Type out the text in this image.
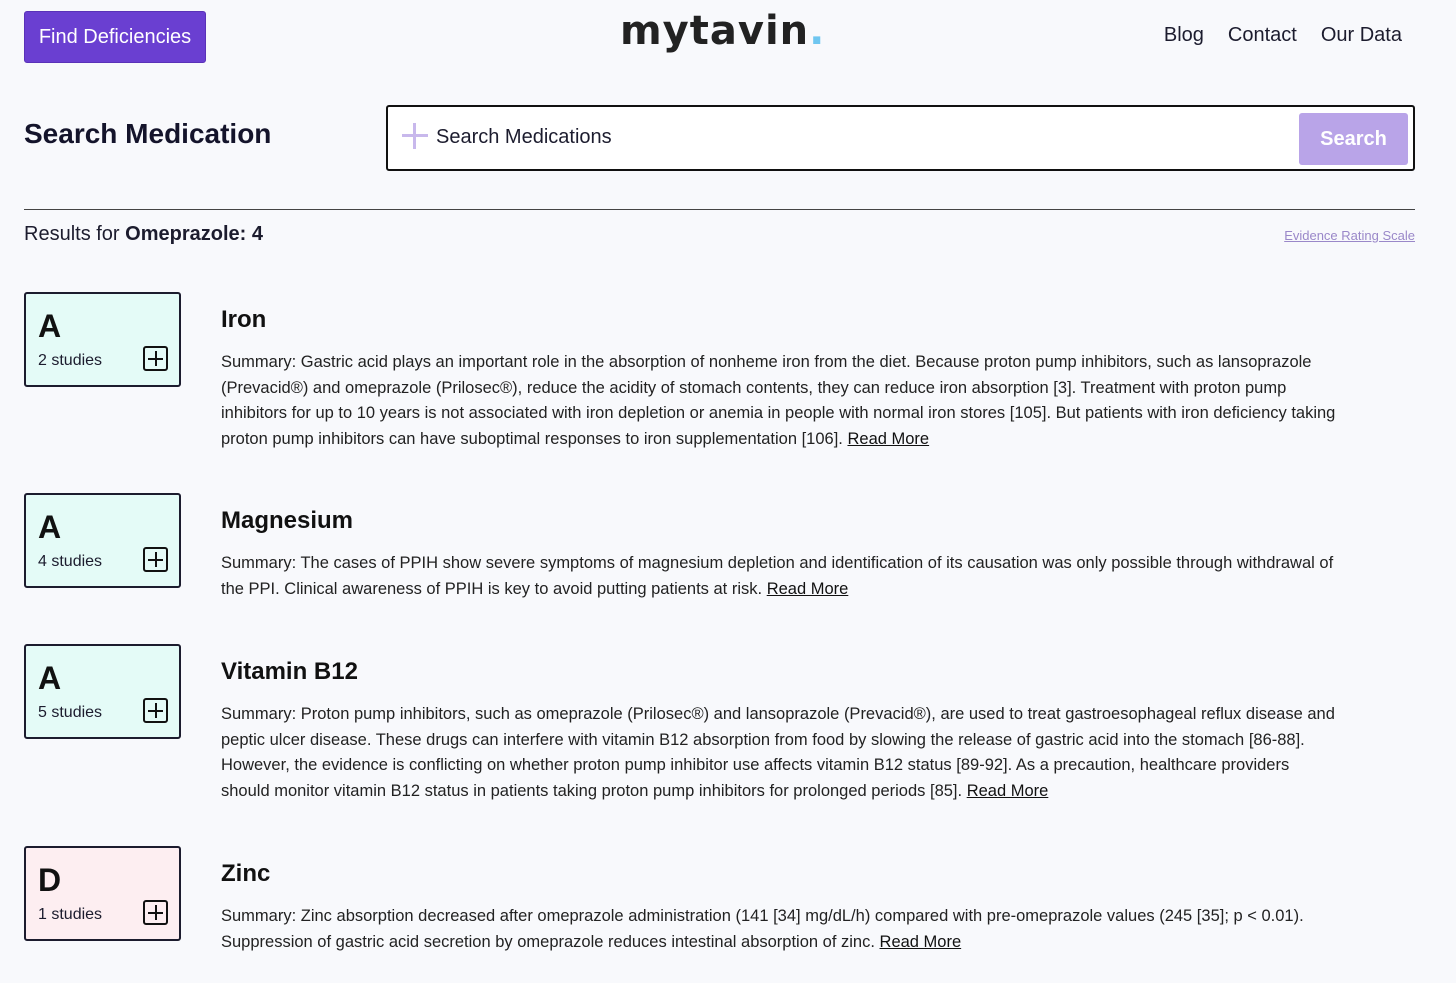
Find Deficiencies	mytavin .	Blog Contact Our Data
Search Medication
Search Medications	Search
Results for Omeprazole: 4	Evidence Rating Scale
A
2 studies
Iron

Summary: Gastric acid plays an important role in the absorption of nonheme iron from the diet. Because proton pump inhibitors, such as lansoprazole (Prevacid®) and omeprazole (Prilosec®), reduce the acidity of stomach contents, they can reduce iron absorption [3]. Treatment with proton pump inhibitors for up to 10 years is not associated with iron depletion or anemia in people with normal iron stores [105]. But patients with iron deficiency taking proton pump inhibitors can have suboptimal responses to iron supplementation [106]. Read More

A
4 studies
Magnesium

Summary: The cases of PPIH show severe symptoms of magnesium depletion and identification of its causation was only possible through withdrawal of the PPI. Clinical awareness of PPIH is key to avoid putting patients at risk. Read More

A
5 studies
Vitamin B12

Summary: Proton pump inhibitors, such as omeprazole (Prilosec®) and lansoprazole (Prevacid®), are used to treat gastroesophageal reflux disease and peptic ulcer disease. These drugs can interfere with vitamin B12 absorption from food by slowing the release of gastric acid into the stomach [86-88]. However, the evidence is conflicting on whether proton pump inhibitor use affects vitamin B12 status [89-92]. As a precaution, healthcare providers should monitor vitamin B12 status in patients taking proton pump inhibitors for prolonged periods [85]. Read More

D
1 studies
Zinc

Summary: Zinc absorption decreased after omeprazole administration (141 [34] mg/dL/h) compared with pre-omeprazole values (245 [35]; p < 0.01). Suppression of gastric acid secretion by omeprazole reduces intestinal absorption of zinc. Read More
